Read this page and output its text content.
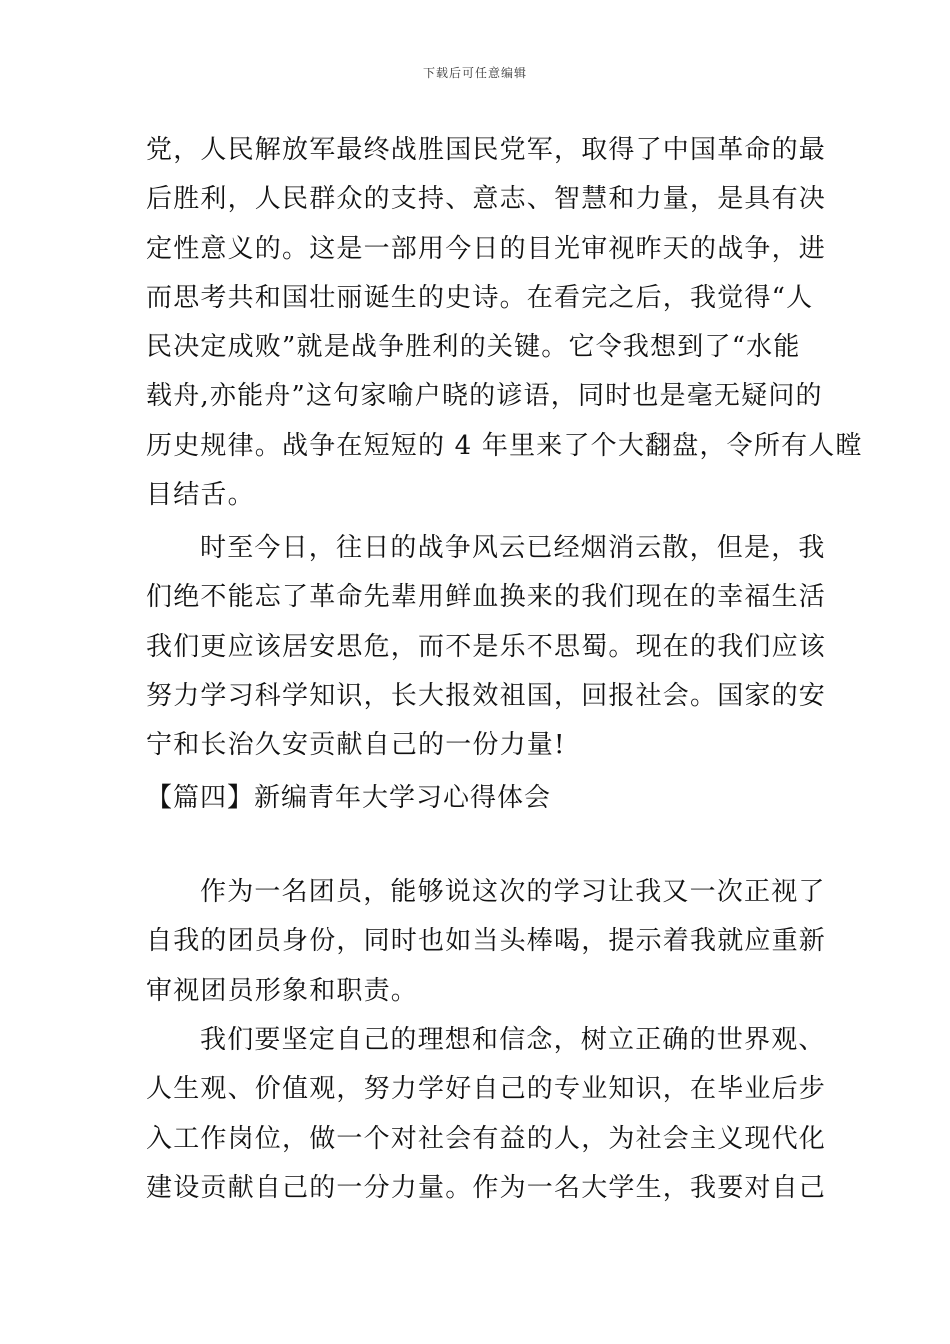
下载后可任意编辑
党，人民解放军最终战胜国民党军，取得了中国革命的最
后胜利，人民群众的支持、意志、智慧和力量，是具有决
定性意义的。这是一部用今日的目光审视昨天的战争，进
而思考共和国壮丽诞生的史诗。在看完之后，我觉得“人
民决定成败”就是战争胜利的关键。它令我想到了“水能
载舟,亦能舟”这句家喻户晓的谚语，同时也是毫无疑问的
历史规律。战争在短短的 4 年里来了个大翻盘，令所有人瞠
目结舌。
时至今日，往日的战争风云已经烟消云散，但是，我
们绝不能忘了革命先辈用鲜血换来的我们现在的幸福生活
我们更应该居安思危，而不是乐不思蜀。现在的我们应该
努力学习科学知识，长大报效祖国，回报社会。国家的安
宁和长治久安贡献自己的一份力量!
【篇四】新编青年大学习心得体会
作为一名团员，能够说这次的学习让我又一次正视了
自我的团员身份，同时也如当头棒喝，提示着我就应重新
审视团员形象和职责。
我们要坚定自己的理想和信念，树立正确的世界观、
人生观、价值观，努力学好自己的专业知识，在毕业后步
入工作岗位，做一个对社会有益的人，为社会主义现代化
建设贡献自己的一分力量。作为一名大学生，我要对自己
